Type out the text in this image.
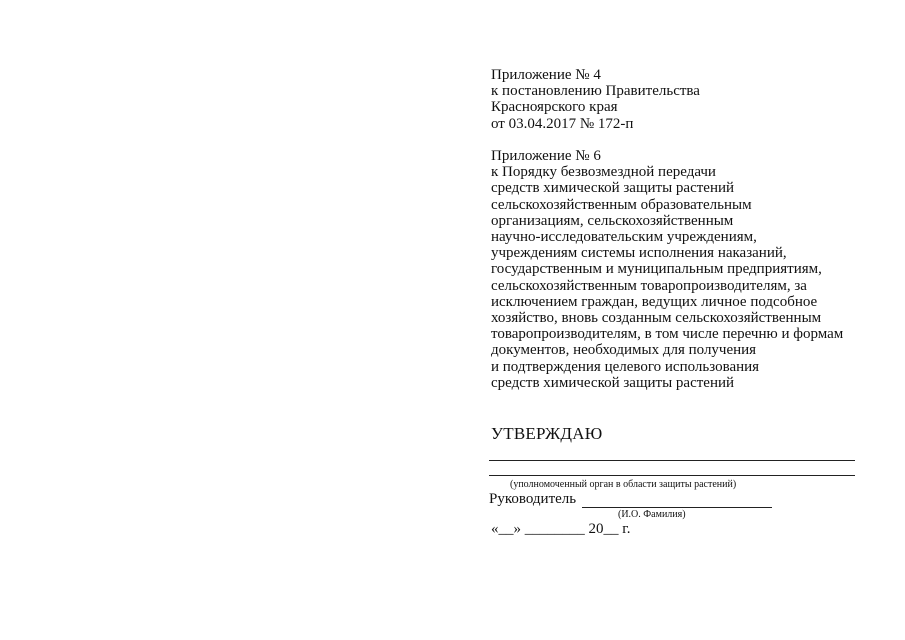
Приложение № 4
к постановлению Правительства
Красноярского края
от 03.04.2017 № 172-п
Приложение № 6
к Порядку безвозмездной передачи
средств химической защиты растений
сельскохозяйственным образовательным
организациям, сельскохозяйственным
научно-исследовательским учреждениям,
учреждениям системы исполнения наказаний,
государственным и муниципальным предприятиям,
сельскохозяйственным товаропроизводителям, за
исключением граждан, ведущих личное подсобное
хозяйство, вновь созданным сельскохозяйственным
товаропроизводителям, в том числе перечню и формам
документов, необходимых для получения
и подтверждения целевого использования
средств химической защиты растений
УТВЕРЖДАЮ
(уполномоченный орган в области защиты растений)
Руководитель
(И.О. Фамилия)
«__» ________ 20__ г.
